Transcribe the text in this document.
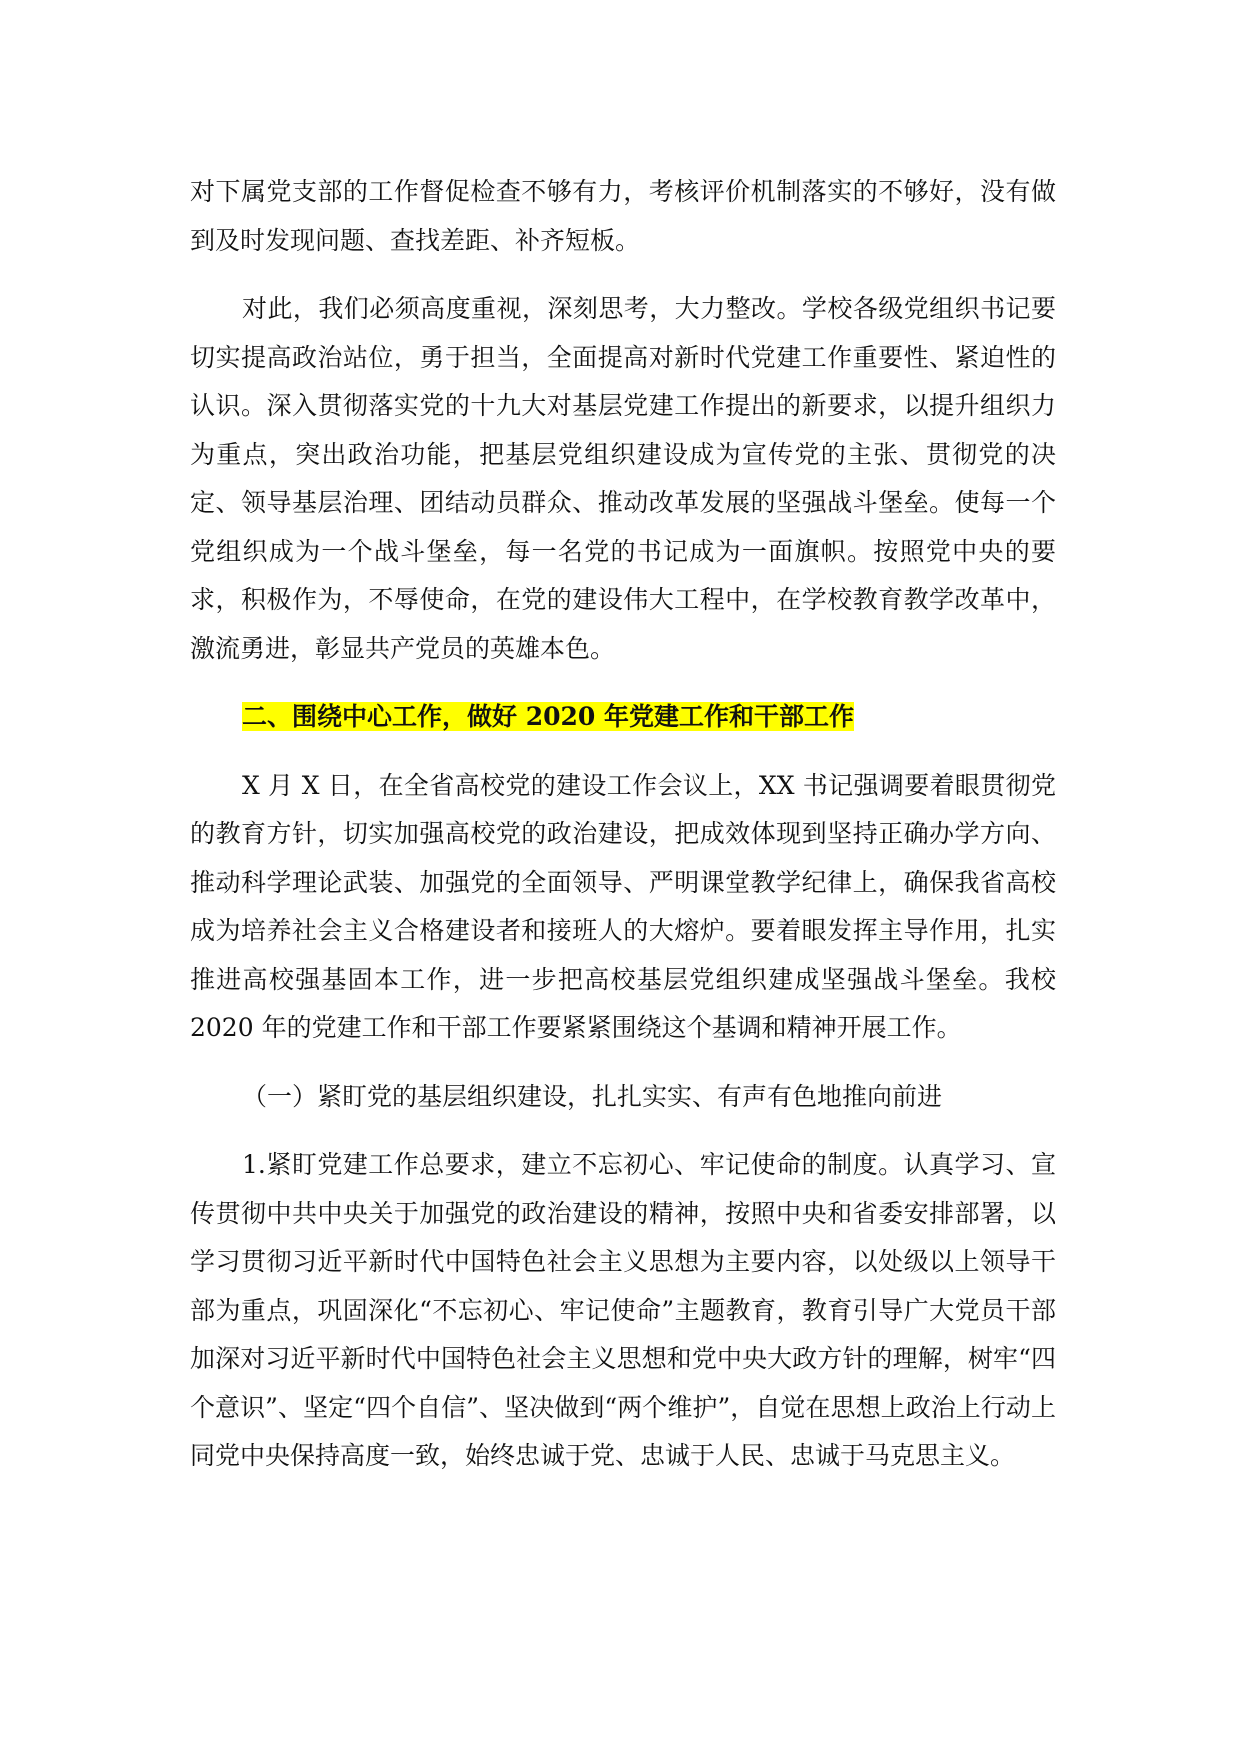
对下属党支部的工作督促检查不够有力，考核评价机制落实的不够好，没有做到及时发现问题、查找差距、补齐短板。

对此，我们必须高度重视，深刻思考，大力整改。学校各级党组织书记要切实提高政治站位，勇于担当，全面提高对新时代党建工作重要性、紧迫性的认识。深入贯彻落实党的十九大对基层党建工作提出的新要求，以提升组织力为重点，突出政治功能，把基层党组织建设成为宣传党的主张、贯彻党的决定、领导基层治理、团结动员群众、推动改革发展的坚强战斗堡垒。使每一个党组织成为一个战斗堡垒，每一名党的书记成为一面旗帜。按照党中央的要求，积极作为，不辱使命，在党的建设伟大工程中，在学校教育教学改革中，激流勇进，彰显共产党员的英雄本色。

二、围绕中心工作，做好 2020 年党建工作和干部工作

X 月 X 日，在全省高校党的建设工作会议上，XX 书记强调要着眼贯彻党的教育方针，切实加强高校党的政治建设，把成效体现到坚持正确办学方向、推动科学理论武装、加强党的全面领导、严明课堂教学纪律上，确保我省高校成为培养社会主义合格建设者和接班人的大熔炉。要着眼发挥主导作用，扎实推进高校强基固本工作，进一步把高校基层党组织建成坚强战斗堡垒。我校 2020 年的党建工作和干部工作要紧紧围绕这个基调和精神开展工作。

（一）紧盯党的基层组织建设，扎扎实实、有声有色地推向前进

1.紧盯党建工作总要求，建立不忘初心、牢记使命的制度。认真学习、宣传贯彻中共中央关于加强党的政治建设的精神，按照中央和省委安排部署，以学习贯彻习近平新时代中国特色社会主义思想为主要内容，以处级以上领导干部为重点，巩固深化“不忘初心、牢记使命”主题教育，教育引导广大党员干部加深对习近平新时代中国特色社会主义思想和党中央大政方针的理解，树牢“四个意识”、坚定“四个自信”、坚决做到“两个维护”，自觉在思想上政治上行动上同党中央保持高度一致，始终忠诚于党、忠诚于人民、忠诚于马克思主义。
